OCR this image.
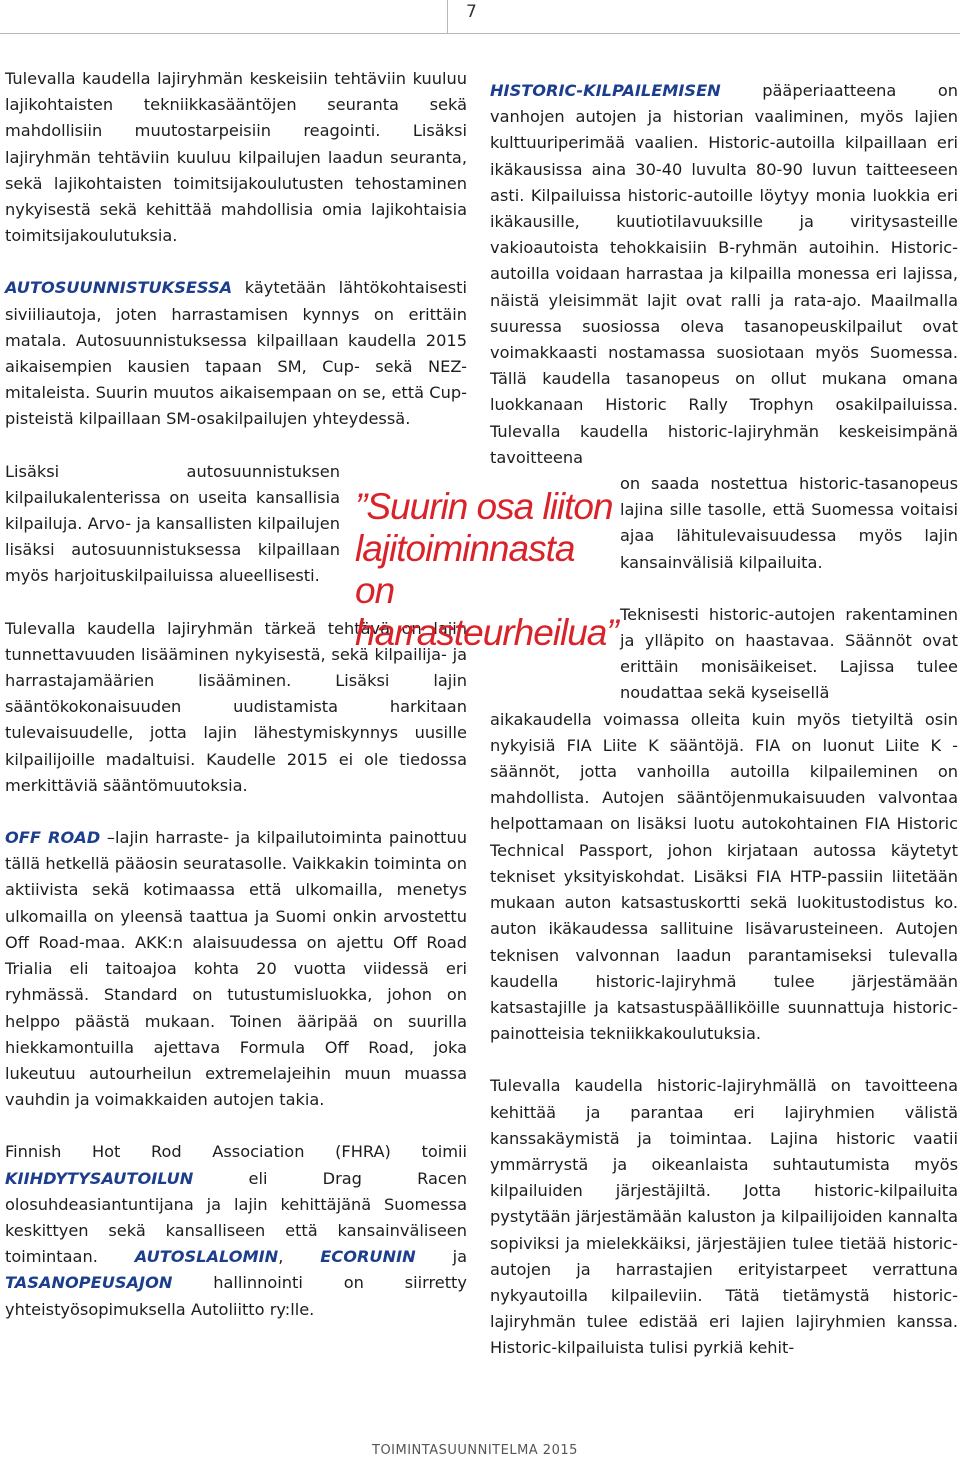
7

Tulevalla kaudella lajiryhmän keskeisiin tehtäviin kuuluu lajikohtaisten tekniikkasääntöjen seuranta sekä mahdollisiin muutostarpeisiin reagointi. Lisäksi lajiryhmän tehtäviin kuuluu kilpailujen laadun seuranta, sekä lajikohtaisten toimitsijakoulutusten tehostaminen nykyisestä sekä kehittää mahdollisia omia lajikohtaisia toimitsijakoulutuksia.

AUTOSUUNNISTUKSESSA käytetään lähtökohtaisesti siviiliautoja, joten harrastamisen kynnys on erittäin matala. Autosuunnistuksessa kilpaillaan kaudella 2015 aikaisempien kausien tapaan SM, Cup- sekä NEZ-mitaleista. Suurin muutos aikaisempaan on se, että Cup-pisteistä kilpaillaan SM-osakilpailujen yhteydessä.

Lisäksi autosuunnistuksen kilpailukalenterissa on useita kansallisia kilpailuja. Arvo- ja kansallisten kilpailujen lisäksi autosuunnistuksessa kilpaillaan myös harjoituskilpailuissa alueellisesti.

Tulevalla kaudella lajiryhmän tärkeä tehtävä on lajin tunnettavuuden lisääminen nykyisestä, sekä kilpailija- ja harrastajamäärien lisääminen. Lisäksi lajin sääntökokonaisuuden uudistamista harkitaan tulevaisuudelle, jotta lajin lähestymiskynnys uusille kilpailijoille madaltuisi. Kaudelle 2015 ei ole tiedossa merkittäviä sääntömuutoksia.

OFF ROAD –lajin harraste- ja kilpailutoiminta painottuu tällä hetkellä pääosin seuratasolle. Vaikkakin toiminta on aktiivista sekä kotimaassa että ulkomailla, menetys ulkomailla on yleensä taattua ja Suomi onkin arvostettu Off Road-maa. AKK:n alaisuudessa on ajettu Off Road Trialia eli taitoajoa kohta 20 vuotta viidessä eri ryhmässä. Standard on tutustumisluokka, johon on helppo päästä mukaan. Toinen ääripää on suurilla hiekkamontuilla ajettava Formula Off Road, joka lukeutuu autourheilun extremelajeihin muun muassa vauhdin ja voimakkaiden autojen takia.

Finnish Hot Rod Association (FHRA) toimii KIIHDYTYSAUTOILUN eli Drag Racen olosuhdeasiantuntijana ja lajin kehittäjänä Suomessa keskittyen sekä kansalliseen että kansainväliseen toimintaan. AUTOSLALOMIN, ECORUNIN ja TASANOPEUSAJON hallinnointi on siirretty yhteistyösopimuksella Autoliitto ry:lle.

”Suurin osa liiton lajitoiminnasta on harrasteurheilua”

HISTORIC-KILPAILEMISEN pääperiaatteena on vanhojen autojen ja historian vaaliminen, myös lajien kulttuuriperimää vaalien. Historic-autoilla kilpaillaan eri ikäkausissa aina 30-40 luvulta 80-90 luvun taitteeseen asti. Kilpailuissa historic-autoille löytyy monia luokkia eri ikäkausille, kuutiotilavuuksille ja viritysasteille vakioautoista tehokkaisiin B-ryhmän autoihin. Historic-autoilla voidaan harrastaa ja kilpailla monessa eri lajissa, näistä yleisimmät lajit ovat ralli ja rata-ajo. Maailmalla suuressa suosiossa oleva tasanopeuskilpailut ovat voimakkaasti nostamassa suosiotaan myös Suomessa. Tällä kaudella tasanopeus on ollut mukana omana luokkanaan Historic Rally Trophyn osakilpailuissa. Tulevalla kaudella historic-lajiryhmän keskeisimpänä tavoitteena

on saada nostettua historic-tasanopeus lajina sille tasolle, että Suomessa voitaisi ajaa lähitulevaisuudessa myös lajin kansainvälisiä kilpailuita.

Teknisesti historic-autojen rakentaminen ja ylläpito on haastavaa. Säännöt ovat erittäin monisäikeiset. Lajissa tulee noudattaa sekä kyseisellä

aikakaudella voimassa olleita kuin myös tietyiltä osin nykyisiä FIA Liite K sääntöjä. FIA on luonut Liite K -säännöt, jotta vanhoilla autoilla kilpaileminen on mahdollista. Autojen sääntöjenmukaisuuden valvontaa helpottamaan on lisäksi luotu autokohtainen FIA Historic Technical Passport, johon kirjataan autossa käytetyt tekniset yksityiskohdat. Lisäksi FIA HTP-passiin liitetään mukaan auton katsastuskortti sekä luokitustodistus ko. auton ikäkaudessa sallituine lisävarusteineen. Autojen teknisen valvonnan laadun parantamiseksi tulevalla kaudella historic-lajiryhmä tulee järjestämään katsastajille ja katsastuspäälliköille suunnattuja historic-painotteisia tekniikkakoulutuksia.

Tulevalla kaudella historic-lajiryhmällä on tavoitteena kehittää ja parantaa eri lajiryhmien välistä kanssakäymistä ja toimintaa. Lajina historic vaatii ymmärrystä ja oikeanlaista suhtautumista myös kilpailuiden järjestäjiltä. Jotta historic-kilpailuita pystytään järjestämään kaluston ja kilpailijoiden kannalta sopiviksi ja mielekkäiksi, järjestäjien tulee tietää historic-autojen ja harrastajien erityistarpeet verrattuna nykyautoilla kilpaileviin. Tätä tietämystä historic-lajiryhmän tulee edistää eri lajien lajiryhmien kanssa. Historic-kilpailuista tulisi pyrkiä kehit-

TOIMINTASUUNNITELMA 2015
